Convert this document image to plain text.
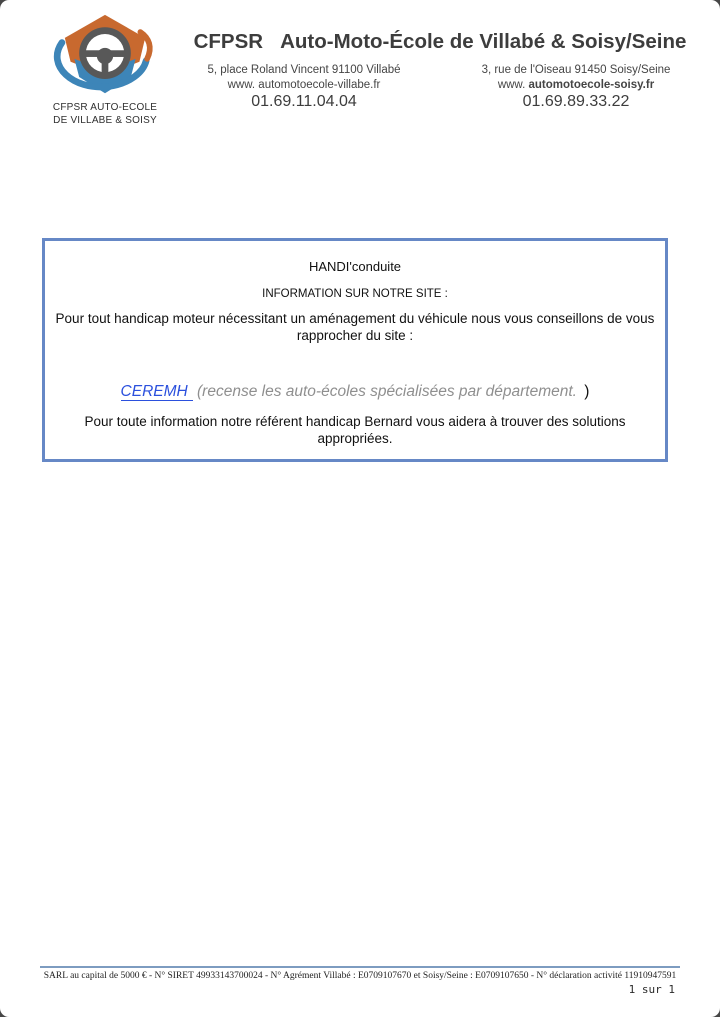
CFPSR AUTO-ECOLE
DE VILLABE & SOISY
CFPSR Auto-Moto-École de Villabé & Soisy/Seine
5, place Roland Vincent 91100 Villabé
www. automotoecole-villabe.fr
01.69.11.04.04
3, rue de l'Oiseau 91450 Soisy/Seine
www. automotoecole-soisy.fr
01.69.89.33.22
HANDI'conduite
INFORMATION SUR NOTRE SITE :

Pour tout handicap moteur nécessitant un aménagement du véhicule nous vous conseillons de vous rapprocher du site :

CEREMH (recense les auto-écoles spécialisées par département. )

Pour toute information notre référent handicap Bernard vous aidera à trouver des solutions appropriées.

SARL au capital de 5000 € - N° SIRET 49933143700024 - N° Agrément Villabé : E0709107670 et Soisy/Seine : E0709107650 - N° déclaration activité 11910947591
1 sur 1
